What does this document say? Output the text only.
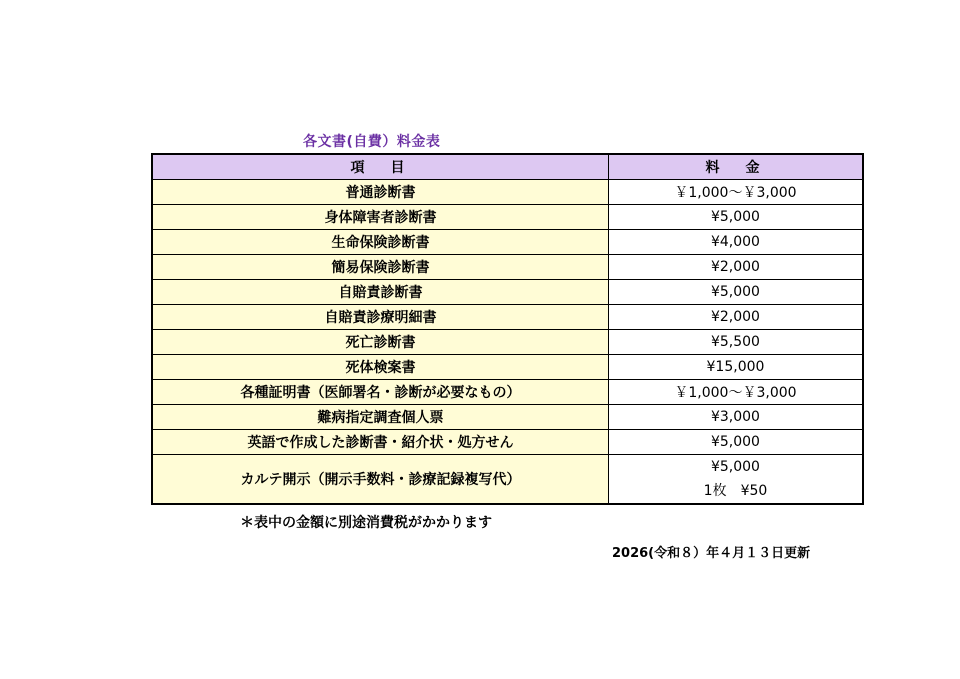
各文書(自費）料金表
項　目	料　金
普通診断書	￥1,000～￥3,000
身体障害者診断書	¥5,000
生命保険診断書	¥4,000
簡易保険診断書	¥2,000
自賠責診断書	¥5,000
自賠責診療明細書	¥2,000
死亡診断書	¥5,500
死体検案書	¥15,000
各種証明書（医師署名・診断が必要なもの）	￥1,000～￥3,000
難病指定調査個人票	¥3,000
英語で作成した診断書・紹介状・処方せん	¥5,000
カルテ開示（開示手数料・診療記録複写代）	¥5,000
1枚　¥50
＊表中の金額に別途消費税がかかります
2026(令和８）年４月１３日更新
